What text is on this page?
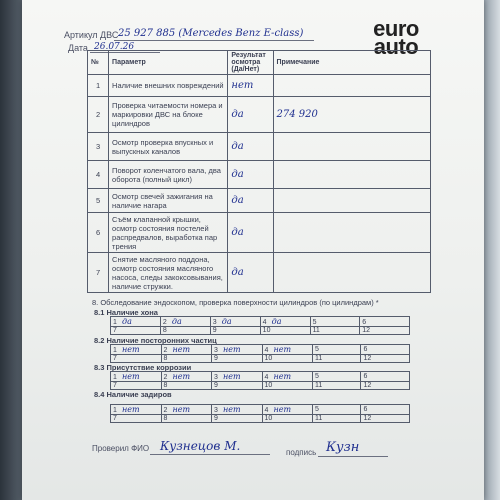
euro
auto
Артикул ДВС 25 927 885 (Mercedes Benz E-class)
Дата 26.07.26
№	Параметр	Результат осмотра (Да/Нет)	Примечание
1	Наличие внешних повреждений	нет	
2	Проверка читаемости номера и маркировки ДВС на блоке цилиндров	да	274 920
3	Осмотр проверка впускных и выпускных каналов	да	
4	Поворот коленчатого вала, два оборота (полный цикл)	да	
5	Осмотр свечей зажигания на наличие нагара	да	
6	Съём клапанной крышки, осмотр состояния постелей распредвалов, выработка пар трения	да	
7	Снятие масляного поддона, осмотр состояния масляного насоса, следы закоксовывания, наличие стружки.	да	
8. Обследование эндоскопом, проверка поверхности цилиндров (по цилиндрам) *
8.1 Наличие хона
1 да	2 да	3 да	4 да	5	6
7	8	9	10	11	12
8.2 Наличие посторонних частиц
1 нет	2 нет	3 нет	4 нет	5	6
7	8	9	10	11	12
8.3 Присутствие коррозии
1 нет	2 нет	3 нет	4 нет	5	6
7	8	9	10	11	12
8.4 Наличие задиров
1 нет	2 нет	3 нет	4 нет	5	6
7	8	9	10	11	12
Проверил ФИО Кузнецов М.	подпись Кузн
